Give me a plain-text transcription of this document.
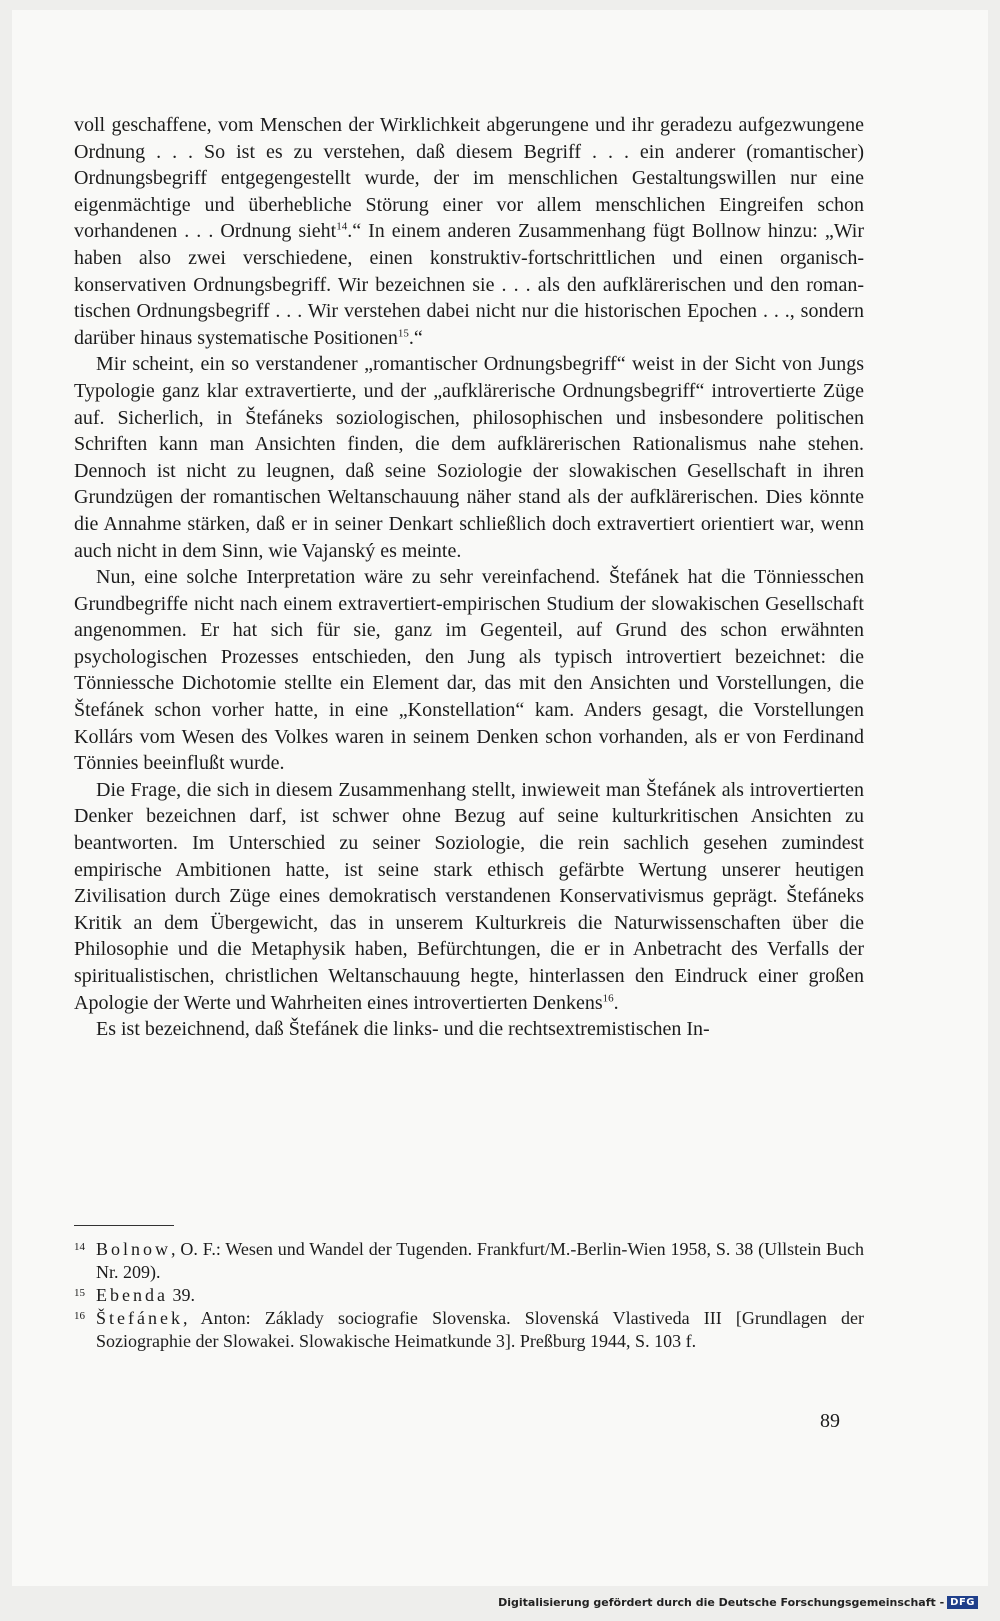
voll geschaffene, vom Menschen der Wirklichkeit abgerungene und ihr geradezu aufgezwungene Ordnung . . . So ist es zu verstehen, daß diesem Begriff . . . ein anderer (romantischer) Ordnungsbegriff entgegengestellt wurde, der im menschlichen Gestaltungswillen nur eine eigenmächtige und überhebliche Störung einer vor allem menschlichen Eingreifen schon vorhandenen . . . Ordnung sieht$^{14}$.“ In einem anderen Zusammenhang fügt Bollnow hinzu: „Wir haben also zwei verschiedene, einen konstruktiv-fortschrittlichen und einen organisch-konservativen Ordnungsbegriff. Wir bezeichnen sie . . . als den aufklärerischen und den romantischen Ordnungsbegriff . . . Wir verstehen dabei nicht nur die historischen Epochen . . ., sondern darüber hinaus systematische Positionen$^{15}$.“

Mir scheint, ein so verstandener „romantischer Ordnungsbegriff“ weist in der Sicht von Jungs Typologie ganz klar extravertierte, und der „aufklärerische Ordnungsbegriff“ introvertierte Züge auf. Sicherlich, in Štefáneks soziologischen, philosophischen und insbesondere politischen Schriften kann man Ansichten finden, die dem aufklärerischen Rationalismus nahe stehen. Dennoch ist nicht zu leugnen, daß seine Soziologie der slowakischen Gesellschaft in ihren Grundzügen der romantischen Weltanschauung näher stand als der aufklärerischen. Dies könnte die Annahme stärken, daß er in seiner Denkart schließlich doch extravertiert orientiert war, wenn auch nicht in dem Sinn, wie Vajanský es meinte.

Nun, eine solche Interpretation wäre zu sehr vereinfachend. Štefánek hat die Tönniesschen Grundbegriffe nicht nach einem extravertiert-empirischen Studium der slowakischen Gesellschaft angenommen. Er hat sich für sie, ganz im Gegenteil, auf Grund des schon erwähnten psychologischen Prozesses entschieden, den Jung als typisch introvertiert bezeichnet: die Tönniessche Dichotomie stellte ein Element dar, das mit den Ansichten und Vorstellungen, die Štefánek schon vorher hatte, in eine „Konstellation“ kam. Anders gesagt, die Vorstellungen Kollárs vom Wesen des Volkes waren in seinem Denken schon vorhanden, als er von Ferdinand Tönnies beeinflußt wurde.

Die Frage, die sich in diesem Zusammenhang stellt, inwieweit man Štefánek als introvertierten Denker bezeichnen darf, ist schwer ohne Bezug auf seine kulturkritischen Ansichten zu beantworten. Im Unterschied zu seiner Soziologie, die rein sachlich gesehen zumindest empirische Ambitionen hatte, ist seine stark ethisch gefärbte Wertung unserer heutigen Zivilisation durch Züge eines demokratisch verstandenen Konservativismus geprägt. Štefáneks Kritik an dem Übergewicht, das in unserem Kulturkreis die Naturwissenschaften über die Philosophie und die Metaphysik haben, Befürchtungen, die er in Anbetracht des Verfalls der spiritualistischen, christlichen Weltanschauung hegte, hinterlassen den Eindruck einer großen Apologie der Werte und Wahrheiten eines introvertierten Denkens$^{16}$.

Es ist bezeichnend, daß Štefánek die links- und die rechtsextremistischen In-

14 Bolnow, O. F.: Wesen und Wandel der Tugenden. Frankfurt/M.-Berlin-Wien 1958, S. 38 (Ullstein Buch Nr. 209).
15 Ebenda 39.
16 Štefánek, Anton: Základy sociografie Slovenska. Slovenská Vlastiveda III [Grundlagen der Soziographie der Slowakei. Slowakische Heimatkunde 3]. Preßburg 1944, S. 103 f.
89
Digitalisierung gefördert durch die Deutsche Forschungsgemeinschaft - DFG
